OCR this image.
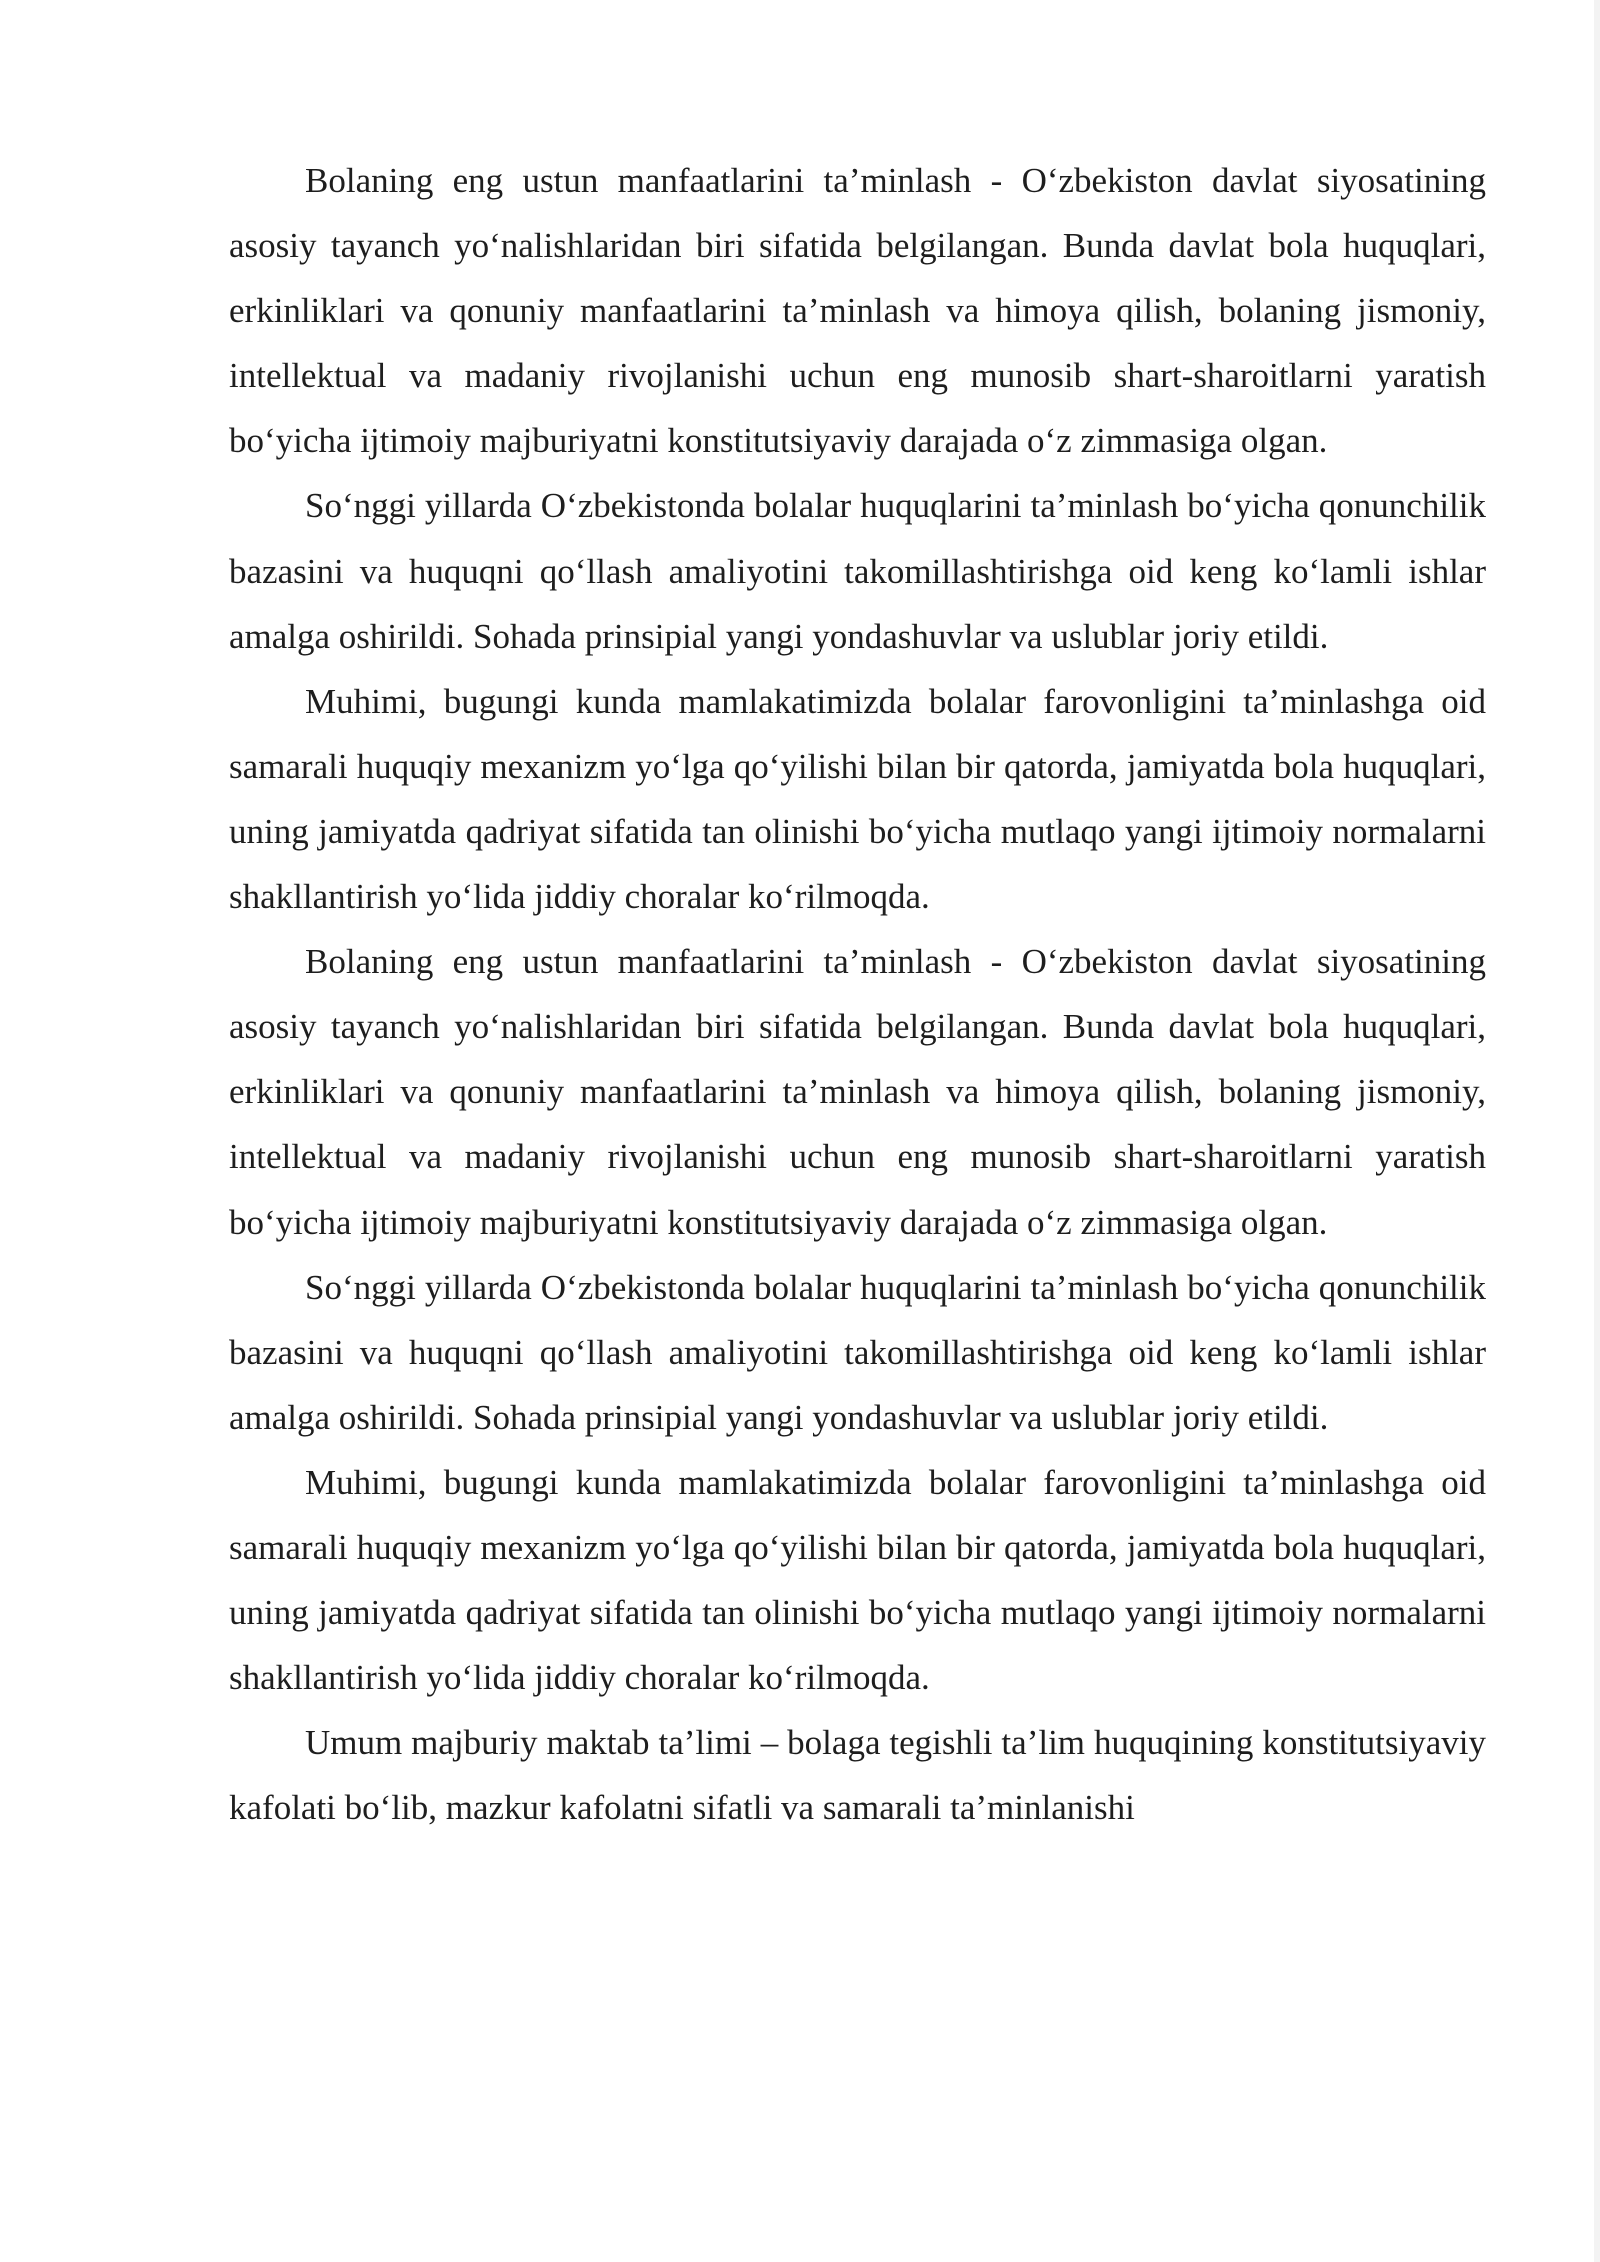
Bolaning eng ustun manfaatlarini ta’minlash - O‘zbekiston davlat siyosatining asosiy tayanch yo‘nalishlaridan biri sifatida belgilangan. Bunda davlat bola huquqlari, erkinliklari va qonuniy manfaatlarini ta’minlash va himoya qilish, bolaning jismoniy, intellektual va madaniy rivojlanishi uchun eng munosib shart-sharoitlarni yaratish bo‘yicha ijtimoiy majburiyatni konstitutsiyaviy darajada o‘z zimmasiga olgan.

So‘nggi yillarda O‘zbekistonda bolalar huquqlarini ta’minlash bo‘yicha qonunchilik bazasini va huquqni qo‘llash amaliyotini takomillashtirishga oid keng ko‘lamli ishlar amalga oshirildi. Sohada prinsipial yangi yondashuvlar va uslublar joriy etildi.

Muhimi, bugungi kunda mamlakatimizda bolalar farovonligini ta’minlashga oid samarali huquqiy mexanizm yo‘lga qo‘yilishi bilan bir qatorda, jamiyatda bola huquqlari, uning jamiyatda qadriyat sifatida tan olinishi bo‘yicha mutlaqo yangi ijtimoiy normalarni shakllantirish yo‘lida jiddiy choralar ko‘rilmoqda.

Bolaning eng ustun manfaatlarini ta’minlash - O‘zbekiston davlat siyosatining asosiy tayanch yo‘nalishlaridan biri sifatida belgilangan. Bunda davlat bola huquqlari, erkinliklari va qonuniy manfaatlarini ta’minlash va himoya qilish, bolaning jismoniy, intellektual va madaniy rivojlanishi uchun eng munosib shart-sharoitlarni yaratish bo‘yicha ijtimoiy majburiyatni konstitutsiyaviy darajada o‘z zimmasiga olgan.

So‘nggi yillarda O‘zbekistonda bolalar huquqlarini ta’minlash bo‘yicha qonunchilik bazasini va huquqni qo‘llash amaliyotini takomillashtirishga oid keng ko‘lamli ishlar amalga oshirildi. Sohada prinsipial yangi yondashuvlar va uslublar joriy etildi.

Muhimi, bugungi kunda mamlakatimizda bolalar farovonligini ta’minlashga oid samarali huquqiy mexanizm yo‘lga qo‘yilishi bilan bir qatorda, jamiyatda bola huquqlari, uning jamiyatda qadriyat sifatida tan olinishi bo‘yicha mutlaqo yangi ijtimoiy normalarni shakllantirish yo‘lida jiddiy choralar ko‘rilmoqda.

Umum majburiy maktab ta’limi – bolaga tegishli ta’lim huquqining konstitutsiyaviy kafolati bo‘lib, mazkur kafolatni sifatli va samarali ta’minlanishi
